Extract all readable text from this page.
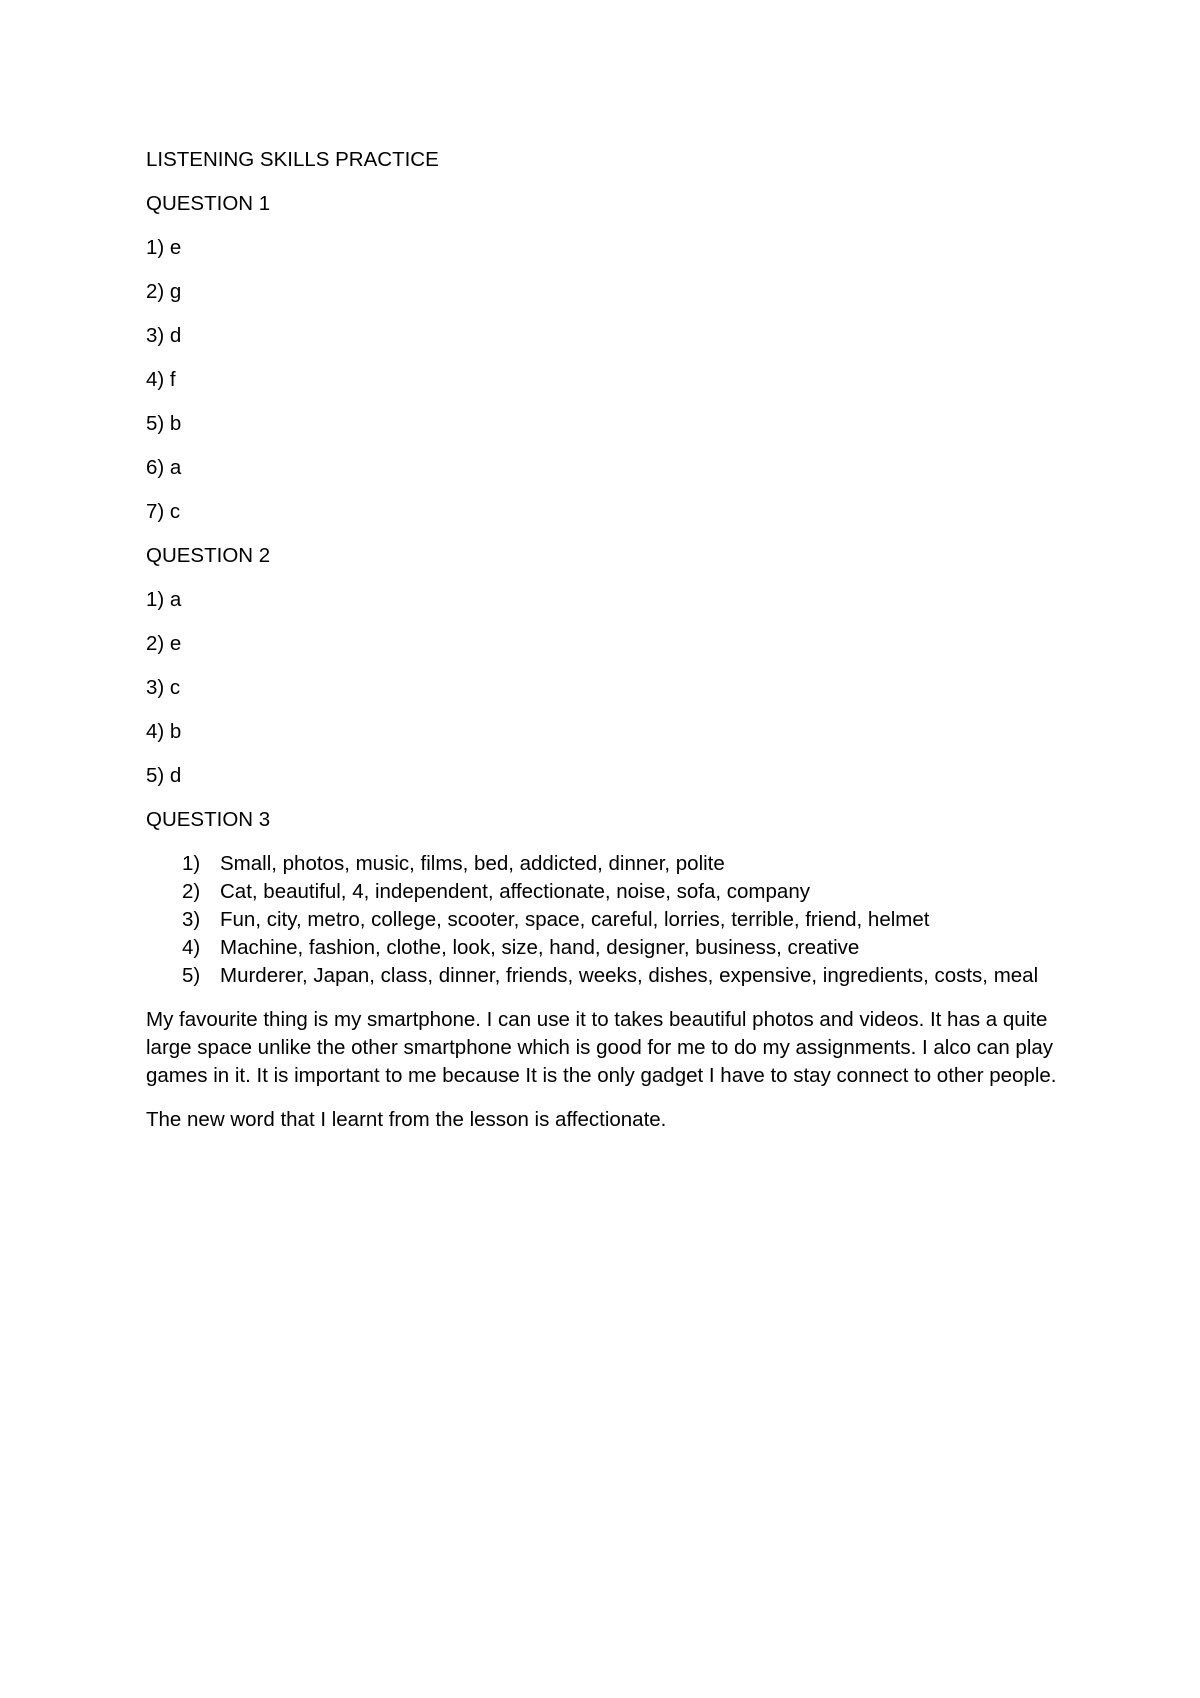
LISTENING SKILLS PRACTICE

QUESTION 1

1) e

2) g

3) d

4) f

5) b

6) a

7) c

QUESTION 2

1) a

2) e

3) c

4) b

5) d

QUESTION 3

1) Small, photos, music, films, bed, addicted, dinner, polite
2) Cat, beautiful, 4, independent, affectionate, noise, sofa, company
3) Fun, city, metro, college, scooter, space, careful, lorries, terrible, friend, helmet
4) Machine, fashion, clothe, look, size, hand, designer, business, creative
5) Murderer, Japan, class, dinner, friends, weeks, dishes, expensive, ingredients, costs, meal

My favourite thing is my smartphone. I can use it to takes beautiful photos and videos. It has a quite large space unlike the other smartphone which is good for me to do my assignments. I alco can play games in it. It is important to me because It is the only gadget I have to stay connect to other people.

The new word that I learnt from the lesson is affectionate.
